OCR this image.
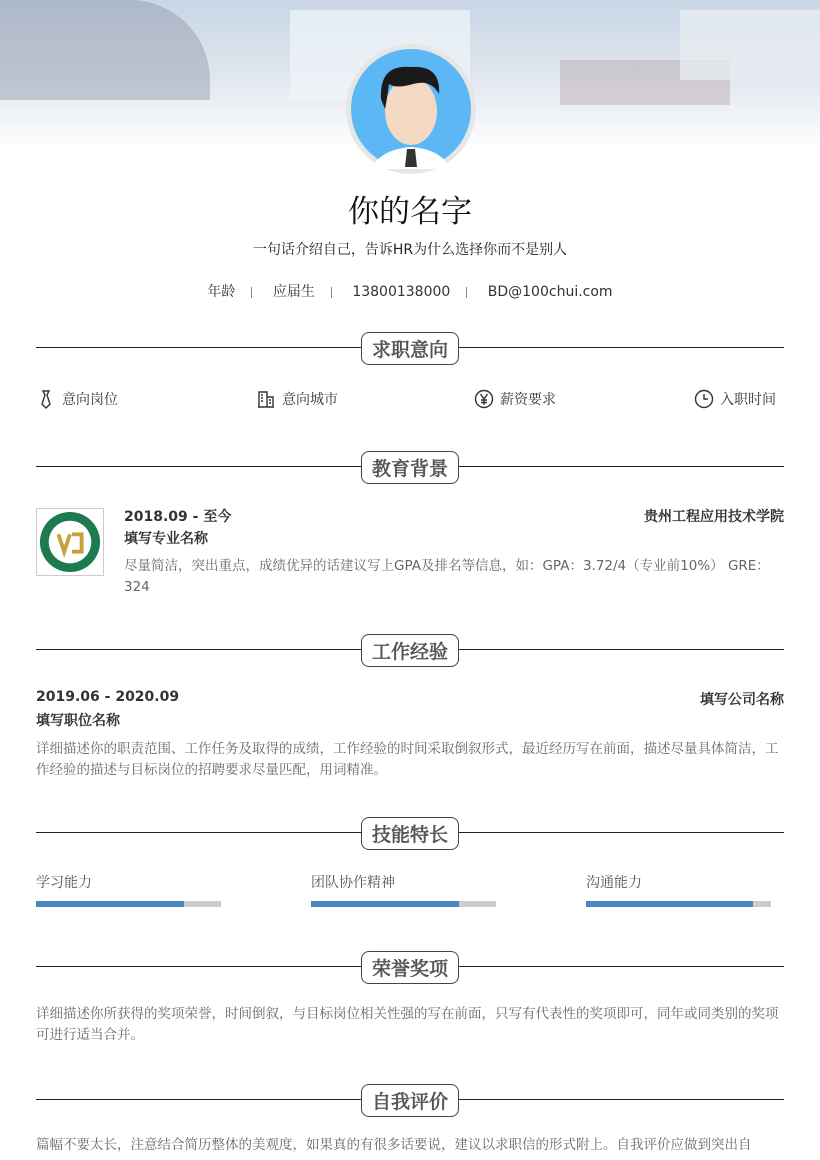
你的名字
一句话介绍自己，告诉HR为什么选择你而不是别人
年龄	应届生	13800138000	BD@100chui.com
求职意向
意向岗位	意向城市	薪资要求	入职时间
教育背景
2018.09 - 至今
填写专业名称
贵州工程应用技术学院
尽量简洁，突出重点，成绩优异的话建议写上GPA及排名等信息，如：GPA：3.72/4（专业前10%） GRE：324
工作经验
2019.06 - 2020.09
填写职位名称
填写公司名称
详细描述你的职责范围、工作任务及取得的成绩，工作经验的时间采取倒叙形式，最近经历写在前面，描述尽量具体简洁，工作经验的描述与目标岗位的招聘要求尽量匹配，用词精准。
技能特长
学习能力	团队协作精神	沟通能力
荣誉奖项
详细描述你所获得的奖项荣誉，时间倒叙，与目标岗位相关性强的写在前面，只写有代表性的奖项即可，同年或同类别的奖项可进行适当合并。
自我评价
篇幅不要太长，注意结合简历整体的美观度，如果真的有很多话要说，建议以求职信的形式附上。自我评价应做到突出自
